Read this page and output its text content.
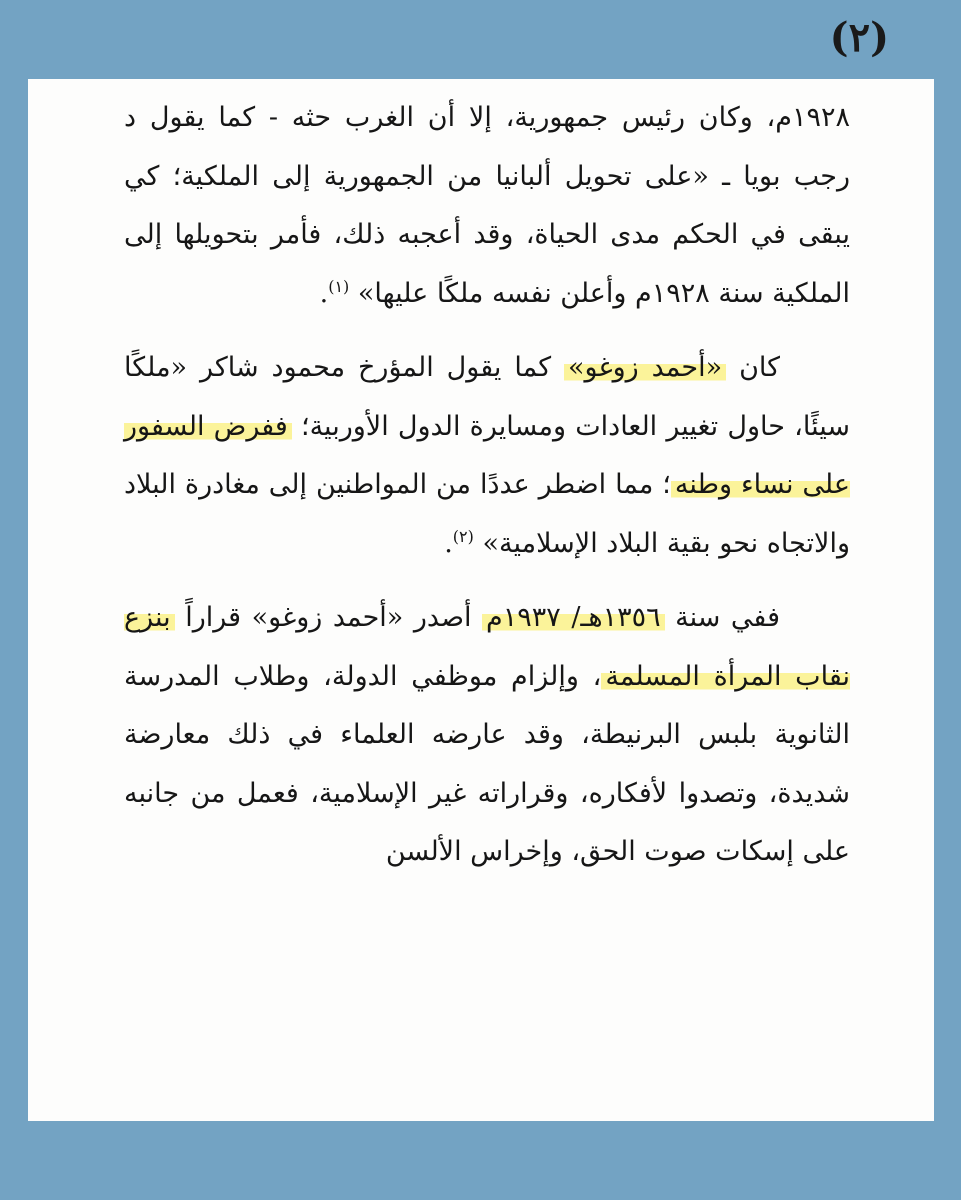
(٢)

١٩٢٨م، وكان رئيس جمهورية، إلا أن الغرب حثه - كما يقول د رجب بويا ـ «على تحويل ألبانيا من الجمهورية إلى الملكية؛ كي يبقى في الحكم مدى الحياة، وقد أعجبه ذلك، فأمر بتحويلها إلى الملكية سنة ١٩٢٨م وأعلن نفسه ملكًا عليها» $^{(١)}$.

كان «أحمد زوغو» كما يقول المؤرخ محمود شاكر «ملكًا سيئًا، حاول تغيير العادات ومسايرة الدول الأوربية؛ ففرض السفور على نساء وطنه؛ مما اضطر عددًا من المواطنين إلى مغادرة البلاد والاتجاه نحو بقية البلاد الإسلامية» $^{(٢)}$.

ففي سنة ١٣٥٦هـ/ ١٩٣٧م أصدر «أحمد زوغو» قراراً بنزع نقاب المرأة المسلمة، وإلزام موظفي الدولة، وطلاب المدرسة الثانوية بلبس البرنيطة، وقد عارضه العلماء في ذلك معارضة شديدة، وتصدوا لأفكاره، وقراراته غير الإسلامية، فعمل من جانبه على إسكات صوت الحق، وإخراس الألسن
